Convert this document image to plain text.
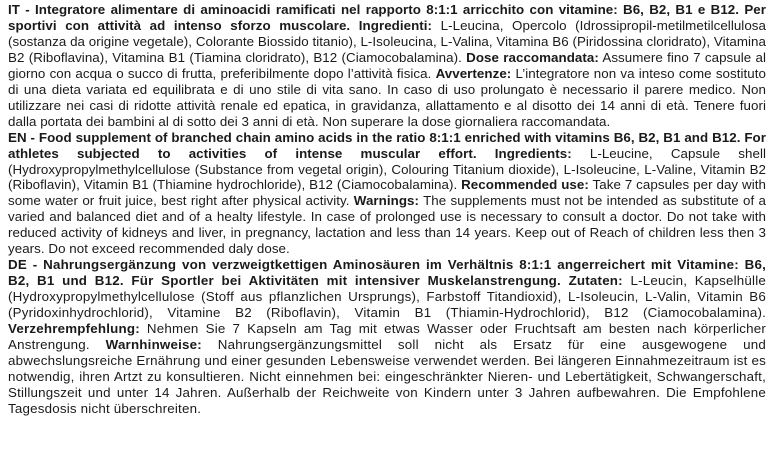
IT - Integratore alimentare di aminoacidi ramificati nel rapporto 8:1:1 arricchito con vitamine: B6, B2, B1 e B12. Per sportivi con attività ad intenso sforzo muscolare. Ingredienti: L-Leucina, Opercolo (Idrossipropil-metilmetilcellulosa (sostanza da origine vegetale), Colorante Biossido titanio), L-Isoleucina, L-Valina, Vitamina B6 (Piridossina cloridrato), Vitamina B2 (Riboflavina), Vitamina B1 (Tiamina cloridrato), B12 (Ciamocobalamina). Dose raccomandata: Assumere fino 7 capsule al giorno con acqua o succo di frutta, preferibilmente dopo l’attività fisica. Avvertenze: L’integratore non va inteso come sostituto di una dieta variata ed equilibrata e di uno stile di vita sano. In caso di uso prolungato è necessario il parere medico. Non utilizzare nei casi di ridotte attività renale ed epatica, in gravidanza, allattamento e al disotto dei 14 anni di età. Tenere fuori dalla portata dei bambini al di sotto dei 3 anni di età. Non superare la dose giornaliera raccomandata.

EN - Food supplement of branched chain amino acids in the ratio 8:1:1 enriched with vitamins B6, B2, B1 and B12. For athletes subjected to activities of intense muscular effort. Ingredients: L-Leucine, Capsule shell (Hydroxypropylmethylcellulose (Substance from vegetal origin), Colouring Titanium dioxide), L-Isoleucine, L-Valine, Vitamin B2 (Riboflavin), Vitamin B1 (Thiamine hydrochloride), B12 (Ciamocobalamina). Recommended use: Take 7 capsules per day with some water or fruit juice, best right after physical activity. Warnings: The supplements must not be intended as substitute of a varied and balanced diet and of a healty lifestyle. In case of prolonged use is necessary to consult a doctor. Do not take with reduced activity of kidneys and liver, in pregnancy, lactation and less than 14 years. Keep out of Reach of children less then 3 years. Do not exceed recommended daly dose.

DE - Nahrungsergänzung von verzweigtkettigen Aminosäuren im Verhältnis 8:1:1 angerreichert mit Vitamine: B6, B2, B1 und B12. Für Sportler bei Aktivitäten mit intensiver Muskelanstrengung. Zutaten: L-Leucin, Kapselhülle (Hydroxypropylmethylcellulose (Stoff aus pflanzlichen Ursprungs), Farbstoff Titandioxid), L-Isoleucin, L-Valin, Vitamin B6 (Pyridoxinhydrochlorid), Vitamine B2 (Riboflavin), Vitamin B1 (Thiamin-Hydrochlorid), B12 (Ciamocobalamina). Verzehrempfehlung: Nehmen Sie 7 Kapseln am Tag mit etwas Wasser oder Fruchtsaft am besten nach körperlicher Anstrengung. Warnhinweise: Nahrungsergänzungsmittel soll nicht als Ersatz für eine ausgewogene und abwechslungsreiche Ernährung und einer gesunden Lebensweise verwendet werden. Bei längeren Einnahmezeitraum ist es notwendig, ihren Artzt zu konsultieren. Nicht einnehmen bei: eingeschränkter Nieren- und Lebertätigkeit, Schwangerschaft, Stillungszeit und unter 14 Jahren. Außerhalb der Reichweite von Kindern unter 3 Jahren aufbewahren. Die Empfohlene Tagesdosis nicht überschreiten.
